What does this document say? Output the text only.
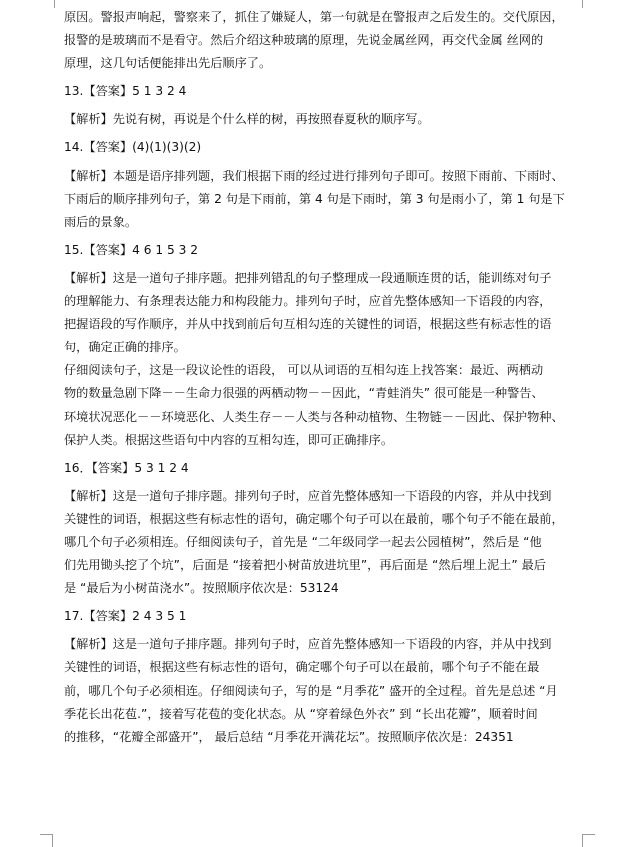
原因。警报声响起，警察来了，抓住了嫌疑人，第一句就是在警报声之后发生的。交代原因，

报警的是玻璃而不是看守。然后介绍这种玻璃的原理，先说金属丝网，再交代金属 丝网的

原理，这几句话便能排出先后顺序了。

13.【答案】5 1 3 2 4

【解析】先说有树，再说是个什么样的树，再按照春夏秋的顺序写。

14.【答案】(4)(1)(3)(2)

【解析】本题是语序排列题，我们根据下雨的经过进行排列句子即可。按照下雨前、下雨时、

下雨后的顺序排列句子，第 2 句是下雨前，第 4 句是下雨时，第 3 句是雨小了，第 1 句是下

雨后的景象。

15.【答案】4 6 1 5 3 2

【解析】这是一道句子排序题。把排列错乱的句子整理成一段通顺连贯的话，能训练对句子

的理解能力、有条理表达能力和构段能力。排列句子时，应首先整体感知一下语段的内容，

把握语段的写作顺序，并从中找到前后句互相勾连的关键性的词语，根据这些有标志性的语

句，确定正确的排序。

仔细阅读句子，这是一段议论性的语段， 可以从词语的互相勾连上找答案：最近、两栖动

物的数量急剧下降－－生命力很强的两栖动物－－因此，“青蛙消失” 很可能是一种警告、

环境状况恶化－－环境恶化、人类生存－－人类与各种动植物、生物链－－因此、保护物种、

保护人类。根据这些语句中内容的互相勾连，即可正确排序。

16．【答案】5 3 1 2 4

【解析】这是一道句子排序题。排列句子时，应首先整体感知一下语段的内容，并从中找到

关键性的词语，根据这些有标志性的语句，确定哪个句子可以在最前，哪个句子不能在最前，

哪几个句子必须相连。仔细阅读句子，首先是 “二年级同学一起去公园植树”，然后是 “他

们先用锄头挖了个坑”，后面是 “接着把小树苗放进坑里”，再后面是 “然后埋上泥土” 最后

是 “最后为小树苗浇水”。按照顺序依次是：53124

17.【答案】2 4 3 5 1

【解析】这是一道句子排序题。排列句子时，应首先整体感知一下语段的内容，并从中找到

关键性的词语，根据这些有标志性的语句，确定哪个句子可以在最前，哪个句子不能在最

前，哪几个句子必须相连。仔细阅读句子，写的是 “月季花” 盛开的全过程。首先是总述 “月

季花长出花苞.”，接着写花苞的变化状态。从 “穿着绿色外衣” 到 “长出花瓣”，顺着时间

的推移，“花瓣全部盛开”， 最后总结 “月季花开满花坛”。按照顺序依次是：24351
